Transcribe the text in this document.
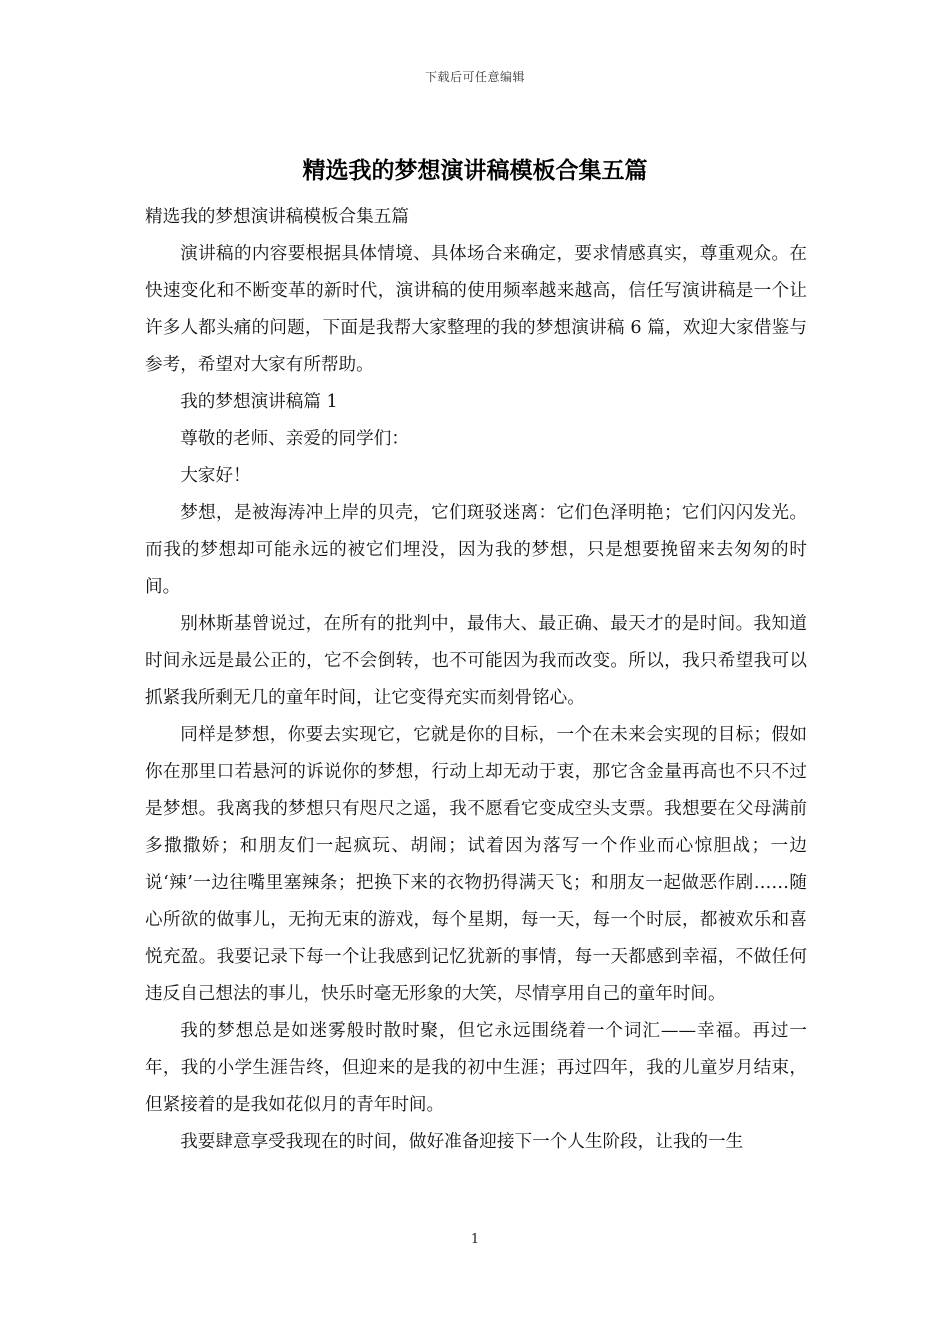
下载后可任意编辑
精选我的梦想演讲稿模板合集五篇

精选我的梦想演讲稿模板合集五篇

演讲稿的内容要根据具体情境、具体场合来确定，要求情感真实，尊重观众。在快速变化和不断变革的新时代，演讲稿的使用频率越来越高，信任写演讲稿是一个让许多人都头痛的问题，下面是我帮大家整理的我的梦想演讲稿 6 篇，欢迎大家借鉴与参考，希望对大家有所帮助。

我的梦想演讲稿篇 1

尊敬的老师、亲爱的同学们：

大家好！

梦想，是被海涛冲上岸的贝壳，它们斑驳迷离：它们色泽明艳；它们闪闪发光。而我的梦想却可能永远的被它们埋没，因为我的梦想，只是想要挽留来去匆匆的时间。

别林斯基曾说过，在所有的批判中，最伟大、最正确、最天才的是时间。我知道时间永远是最公正的，它不会倒转，也不可能因为我而改变。所以，我只希望我可以抓紧我所剩无几的童年时间，让它变得充实而刻骨铭心。

同样是梦想，你要去实现它，它就是你的目标，一个在未来会实现的目标；假如你在那里口若悬河的诉说你的梦想，行动上却无动于衷，那它含金量再高也不只不过是梦想。我离我的梦想只有咫尺之遥，我不愿看它变成空头支票。我想要在父母满前多撒撒娇；和朋友们一起疯玩、胡闹；试着因为落写一个作业而心惊胆战；一边说‘辣’一边往嘴里塞辣条；把换下来的衣物扔得满天飞；和朋友一起做恶作剧……随心所欲的做事儿，无拘无束的游戏，每个星期，每一天，每一个时辰，都被欢乐和喜悦充盈。我要记录下每一个让我感到记忆犹新的事情，每一天都感到幸福，不做任何违反自己想法的事儿，快乐时毫无形象的大笑，尽情享用自己的童年时间。

我的梦想总是如迷雾般时散时聚，但它永远围绕着一个词汇——幸福。再过一年，我的小学生涯告终，但迎来的是我的初中生涯；再过四年，我的儿童岁月结束，但紧接着的是我如花似月的青年时间。

我要肆意享受我现在的时间，做好准备迎接下一个人生阶段，让我的一生

1
